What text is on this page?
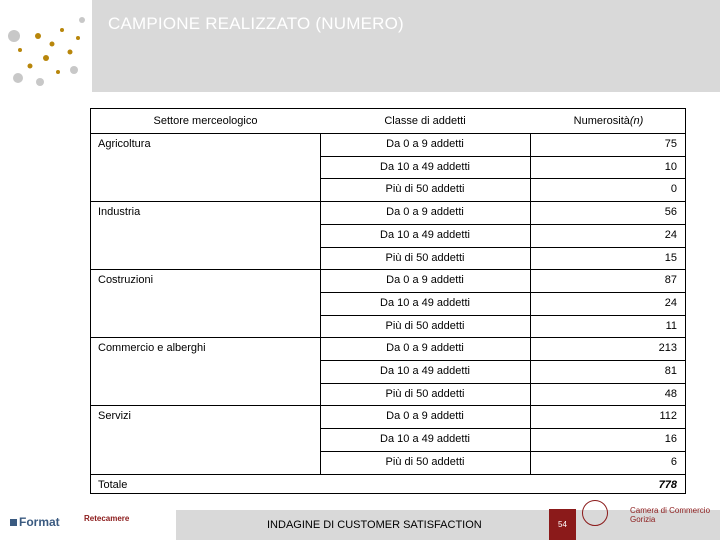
CAMPIONE REALIZZATO (NUMERO)
Settore merceologico	Classe di addetti	Numerosità (n)
Agricoltura	Da 0 a 9 addetti	75
Da 10 a 49 addetti	10
Più di 50 addetti	0
Industria	Da 0 a 9 addetti	56
Da 10 a 49 addetti	24
Più di 50 addetti	15
Costruzioni	Da 0 a 9 addetti	87
Da 10 a 49 addetti	24
Più di 50 addetti	11
Commercio e alberghi	Da 0 a 9 addetti	213
Da 10 a 49 addetti	81
Più di 50 addetti	48
Servizi	Da 0 a 9 addetti	112
Da 10 a 49 addetti	16
Più di 50 addetti	6
Totale	778
Format	Retecamere
INDAGINE DI CUSTOMER SATISFACTION	54
Camera di Commercio
Gorizia
